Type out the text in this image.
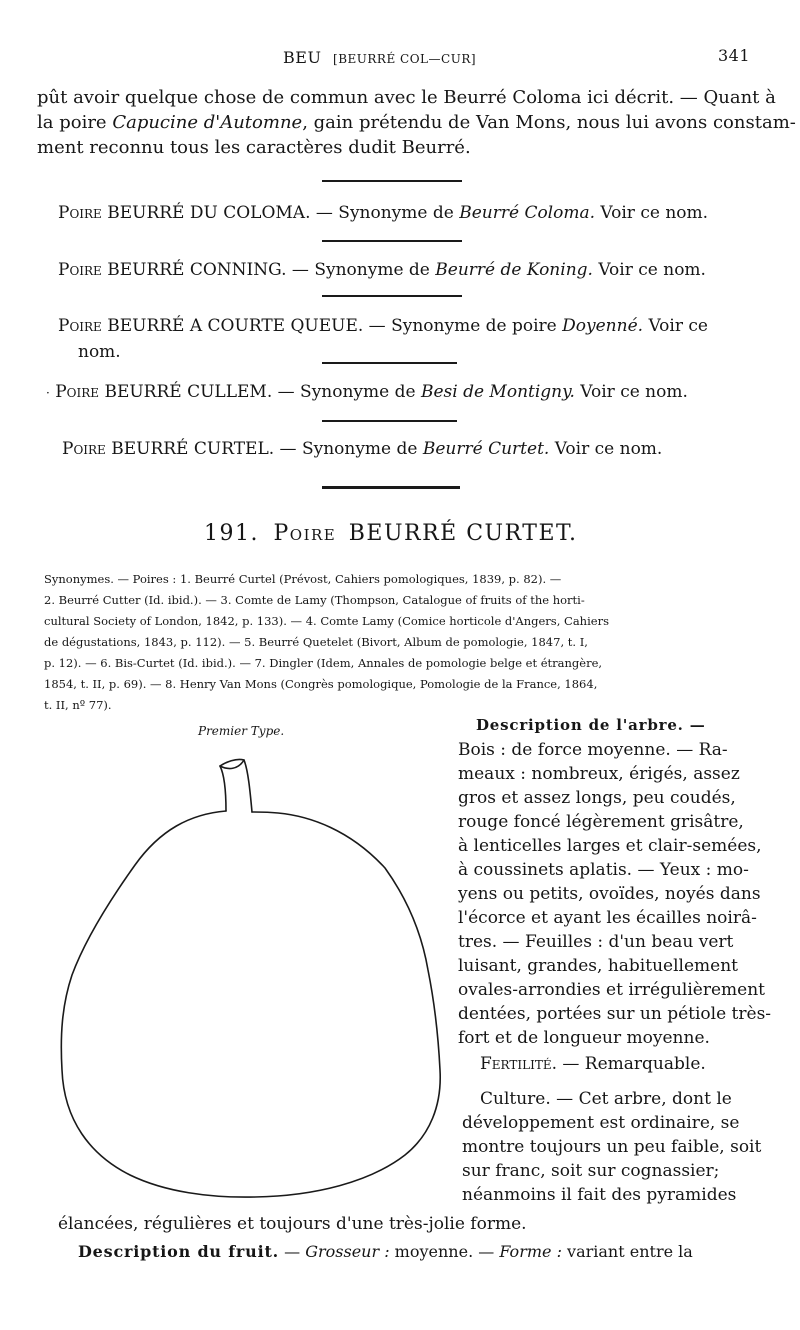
BEU [BEURRÉ COL—CUR]	341
pût avoir quelque chose de commun avec le Beurré Coloma ici décrit. — Quant à
la poire Capucine d'Automne, gain prétendu de Van Mons, nous lui avons constam-
ment reconnu tous les caractères dudit Beurré.
Poire BEURRÉ DU COLOMA. — Synonyme de Beurré Coloma. Voir ce nom.
Poire BEURRÉ CONNING. — Synonyme de Beurré de Koning. Voir ce nom.
Poire BEURRÉ A COURTE QUEUE. — Synonyme de poire Doyenné. Voir ce
nom.
· Poire BEURRÉ CULLEM. — Synonyme de Besi de Montigny. Voir ce nom.
Poire BEURRÉ CURTEL. — Synonyme de Beurré Curtet. Voir ce nom.
191. Poire BEURRÉ CURTET.
Synonymes. — Poires : 1. Beurré Curtel (Prévost, Cahiers pomologiques, 1839, p. 82). —
2. Beurré Cutter (Id. ibid.). — 3. Comte de Lamy (Thompson, Catalogue of fruits of the horti-
cultural Society of London, 1842, p. 133). — 4. Comte Lamy (Comice horticole d'Angers, Cahiers
de dégustations, 1843, p. 112). — 5. Beurré Quetelet (Bivort, Album de pomologie, 1847, t. I,
p. 12). — 6. Bis-Curtet (Id. ibid.). — 7. Dingler (Idem, Annales de pomologie belge et étrangère,
1854, t. II, p. 69). — 8. Henry Van Mons (Congrès pomologique, Pomologie de la France, 1864,
t. II, nº 77).
Premier Type.	Description de l'arbre. —
Bois : de force moyenne. — Ra-
meaux : nombreux, érigés, assez
gros et assez longs, peu coudés,
rouge foncé légèrement grisâtre,
à lenticelles larges et clair-semées,
à coussinets aplatis. — Yeux : mo-
yens ou petits, ovoïdes, noyés dans
l'écorce et ayant les écailles noirâ-
tres. — Feuilles : d'un beau vert
luisant, grandes, habituellement
ovales-arrondies et irrégulièrement
dentées, portées sur un pétiole très-
fort et de longueur moyenne.
Fertilité. — Remarquable.
Culture. — Cet arbre, dont le
développement est ordinaire, se
montre toujours un peu faible, soit
sur franc, soit sur cognassier;
néanmoins il fait des pyramides
élancées, régulières et toujours d'une très-jolie forme.
Description du fruit. — Grosseur : moyenne. — Forme : variant entre la
